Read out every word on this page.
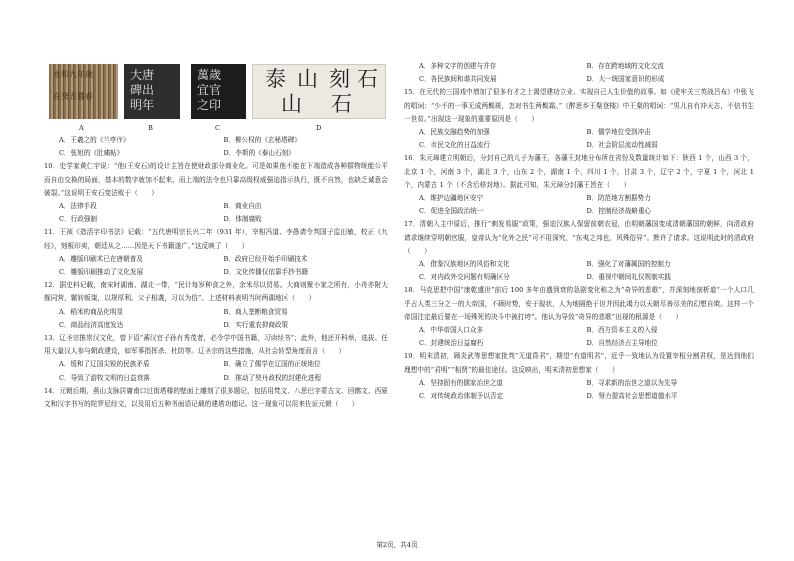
永和九年歲
在癸丑暮春
大唐
碑出
明年
萬歲
宜官
之印
泰 山 刻 石
山 石
A	B	C	D
A．王羲之的《兰亭序》	B．柳公权的《玄秘塔碑》
C．张旭的《肚痛帖》	D．李斯的《泰山石刻》

10．史学家黄仁宇说：“他(王安石)的设计主旨在使财政部分商业化。可是如果他不能在下端造成各种群物统能公平而自由交换的局面，基本的数字就加不起来，而上端的法令也只靠高级权威强迫指示执行，既不自然，也缺乏诚意会破裂。”这说明王安石变法败于（　　）

A．法律手段	B．商业自由
C．行政强制	D．体制腐败

11．王祯《造活字印书法》记载：“五代唐明宗长兴二年（931 年），宰相冯道、李愚请令判国子监田敏，校正《九经》，刻板印卖，朝廷从之……因是天下书籍遂广。”这反映了（　　）

A．雕版印刷术已在唐朝普及	B．政府已经开始手印刷技术
C．雕版印刷推动了文化发展	D．文化传播仅依靠手抄书籍

12．据史料记载，南宋时湖南、湖北一带，“民计每岁种食之外，余米尽以贸易。大商则聚小家之所有，小舟亦附大舰同营，辗转贩粜，以规厚利。父子相袭，习以为俗”。上述材料表明当时两湖地区（　　）

A．稻米的商品化明显	B．商人垄断粮食贸易
C．商品经济高度发达	D．实行重农抑商政策

13．辽圣宗推崇汉文化，曾下诏“蕃汉官子孙有秀茂者，必令学中国书籍，习读经书”；此外，他还开科举，选拔、任用大量汉人参与朝政建设，如军事指挥杀、杜防等。辽圣宗的这些措施，从社会转型角度而言（　　）

A．缓和了辽国尖锐的民族矛盾	B．确立了儒学在辽国的正统地位
C．导致了游牧文明的日益衰落	D．推动了契丹政权的封建化进程

14．元朝后期，燕山支脉居庸南口过街塔楼的壁面上雕刻了很多题记，包括用梵文、八思巴字蒙古文、回鹘文、西夏文和汉字书写的陀罗尼经文，以及用后五种书面语记载的建塔功德记。这一现象可以用来佐证元朝（　　）

A．多种文字的创建与并存	B．存在跨地域的文化交流
C．各民族间和谐共同发展	D．大一统国家意识的形成

15．在元代的三国戏中增加了很多有才之士渴望建功立业、实现自己人生价值的故事。如《虎牢关三英战吕布》中张飞的唱词：“少不的一事无成两鬓斑，怎对书生两鬓霜。”《醉思乡王粲登楼》中王粲的唱词：“男儿自有冲天志，不信书生一世贫。”出现这一现象的重要原因是（　　）

A．民族交融趋势的加强	B．儒学地位受到冲击
C．市民文化的日益流行	D．社会阶层流动性减弱

16．朱元璋建立明朝后，分封自己的儿子为藩王，各藩王封地分布所在省份及数量统计如下：陕西 1 个，山西 3 个，北京 1 个，河南 3 个，湖北 3 个，山东 2 个，湖南 1 个，四川 1 个，甘肃 3 个，辽宁 2 个，宁夏 1 个，河北 1 个，内蒙古 1 个（不含后移封地）。据此可知，朱元璋分封藩王旨在（　　）

A．维护边疆地区安宁	B．防范地方割据势力
C．促进全国政治统一	D．控制经济战略重心

17．清朝入主中原后，推行“剃发易服”政策，强迫汉族人保留前朝衣冠，由明朝藩国变成清朝藩国的朝鲜，向清政府请求继续穿明朝官服，皇帝认为“化外之民”可不用深究，“东夷之邦也，风殊俗异”。默许了请求。这说明此时的清政府（　　）

A．借鉴汉族地区的风俗和文化	B．强化了对藩属国的控制力
C．对内政外交问题有明确区分	D．重视中朝间礼仪规制实践

18．马克思把中国“康乾盛世”前后 100 多年由盛到衰的急剧变化称之为“奇异的悲歌”，并深刻地剖析道“一个人口几乎占人类三分之一的大帝国，不顾时势，安于现状，人为地隔绝于世并因此竭力以天朝尽善尽美的幻想自欺。这样一个帝国注定最后要在一场殊死的决斗中被打垮”。他认为导致“奇异的悲歌”出现的根源是（　　）

A．中华帝国人口众多	B．西方资本主义的入侵
C．封建统治日益腐朽	D．自然经济占主导地位

19．明末清初，顾炎武等思想家批判“无道昏君”，期望“有道明君”，近乎一致地认为设置宰相分割君权，是达到他们理想中的“君明”“相贤”的最佳途径。这反映出，明末清初思想家（　　）

A．坚持固有的儒家治世之道	B．寻求新的治世之道以为先导
C．对传统政治体制予以否定	D．努力提高社会思想道德水平
第2页，共4页
